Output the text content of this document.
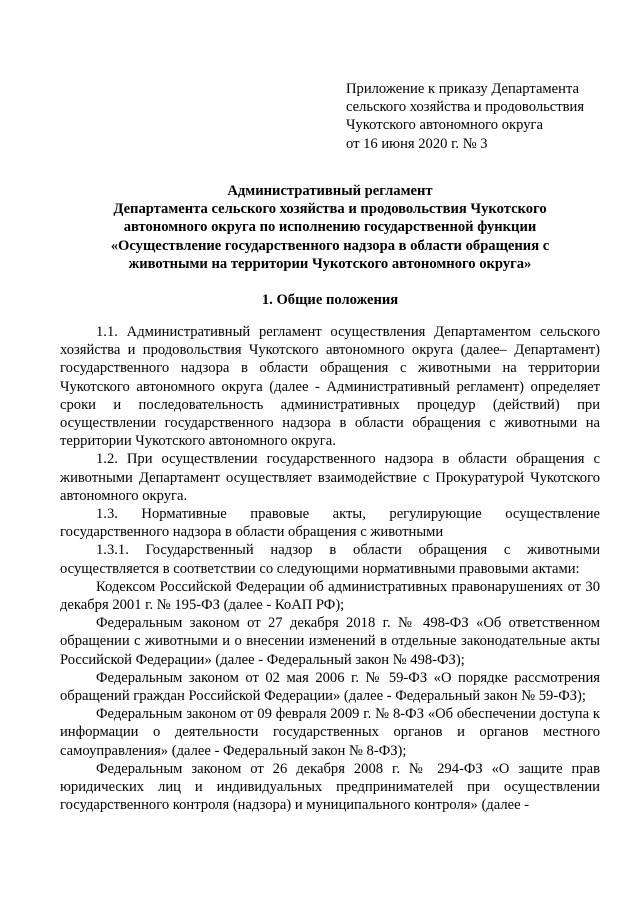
Приложение к приказу Департамента
сельского хозяйства и продовольствия
Чукотского автономного округа
от 16 июня 2020 г. № 3
Административный регламент
Департамента сельского хозяйства и продовольствия Чукотского
автономного округа по исполнению государственной функции
«Осуществление государственного надзора в области обращения с
животными на территории Чукотского автономного округа»
1. Общие положения

1.1. Административный регламент осуществления Департаментом сельского хозяйства и продовольствия Чукотского автономного округа (далее– Департамент) государственного надзора в области обращения с животными на территории Чукотского автономного округа (далее - Административный регламент) определяет сроки и последовательность административных процедур (действий) при осуществлении государственного надзора в области обращения с животными на территории Чукотского автономного округа.

1.2. При осуществлении государственного надзора в области обращения с животными Департамент осуществляет взаимодействие с Прокуратурой Чукотского автономного округа.

1.3. Нормативные правовые акты, регулирующие осуществление государственного надзора в области обращения с животными

1.3.1. Государственный надзор в области обращения с животными осуществляется в соответствии со следующими нормативными правовыми актами:

Кодексом Российской Федерации об административных правонарушениях от 30 декабря 2001 г. № 195-ФЗ (далее - КоАП РФ);

Федеральным законом от 27 декабря 2018 г. № 498-ФЗ «Об ответственном обращении с животными и о внесении изменений в отдельные законодательные акты Российской Федерации» (далее - Федеральный закон № 498-ФЗ);

Федеральным законом от 02 мая 2006 г. № 59-ФЗ «О порядке рассмотрения обращений граждан Российской Федерации» (далее - Федеральный закон № 59-ФЗ);

Федеральным законом от 09 февраля 2009 г. № 8-ФЗ «Об обеспечении доступа к информации о деятельности государственных органов и органов местного самоуправления» (далее - Федеральный закон № 8-ФЗ);

Федеральным законом от 26 декабря 2008 г. № 294-ФЗ «О защите прав юридических лиц и индивидуальных предпринимателей при осуществлении государственного контроля (надзора) и муниципального контроля» (далее -
